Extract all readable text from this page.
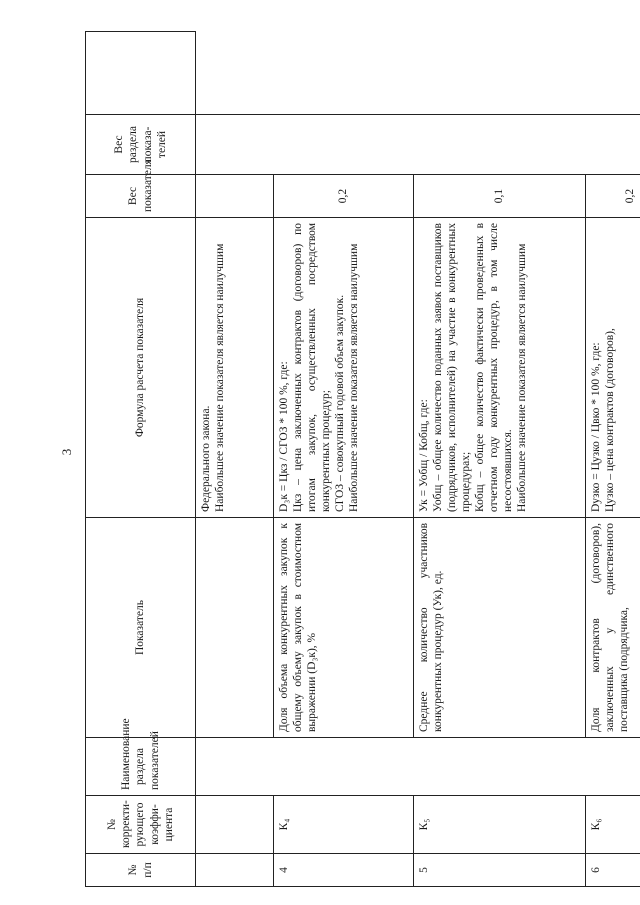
3
№ п/п	№ корректи-рующего коэффи-циента	Наименование раздела показателей	Показатель	Формула расчета показателя	Вес показателя	Вес раздела показа-телей	

				Федерального закона. Наибольшее значение показателя является наилучшим			

4	К₄		Доля объема конкурентных закупок к общему объему закупок в стоимостном выражении (D₃к), %	D₃к = Цкз / СГОЗ * 100 %, где: Цкз – цена заключенных контрактов (договоров) по итогам закупок, осуществленных посредством конкурентных процедур; СГОЗ – совокупный годовой объем закупок. Наибольшее значение показателя является наилучшим	0,2		
5	К₅		Среднее количество участников конкурентных процедур (Ук), ед.	Ук = Уобщ / Кобщ, где: Уобщ – общее количество поданных заявок поставщиков (подрядчиков, исполнителей) на участие в конкурентных процедурах; Кобщ – общее количество фактически проведенных в отчетном году конкурентных процедур, в том числе несостоявшихся. Наибольшее значение показателя является наилучшим	0,1		
6	К₆		Доля контрактов (договоров), заключенных у единственного поставщика (подрядчика,	Dузко = Цузко / Цвко * 100 %, где: Цузко – цена контрактов (договоров),	0,2		
